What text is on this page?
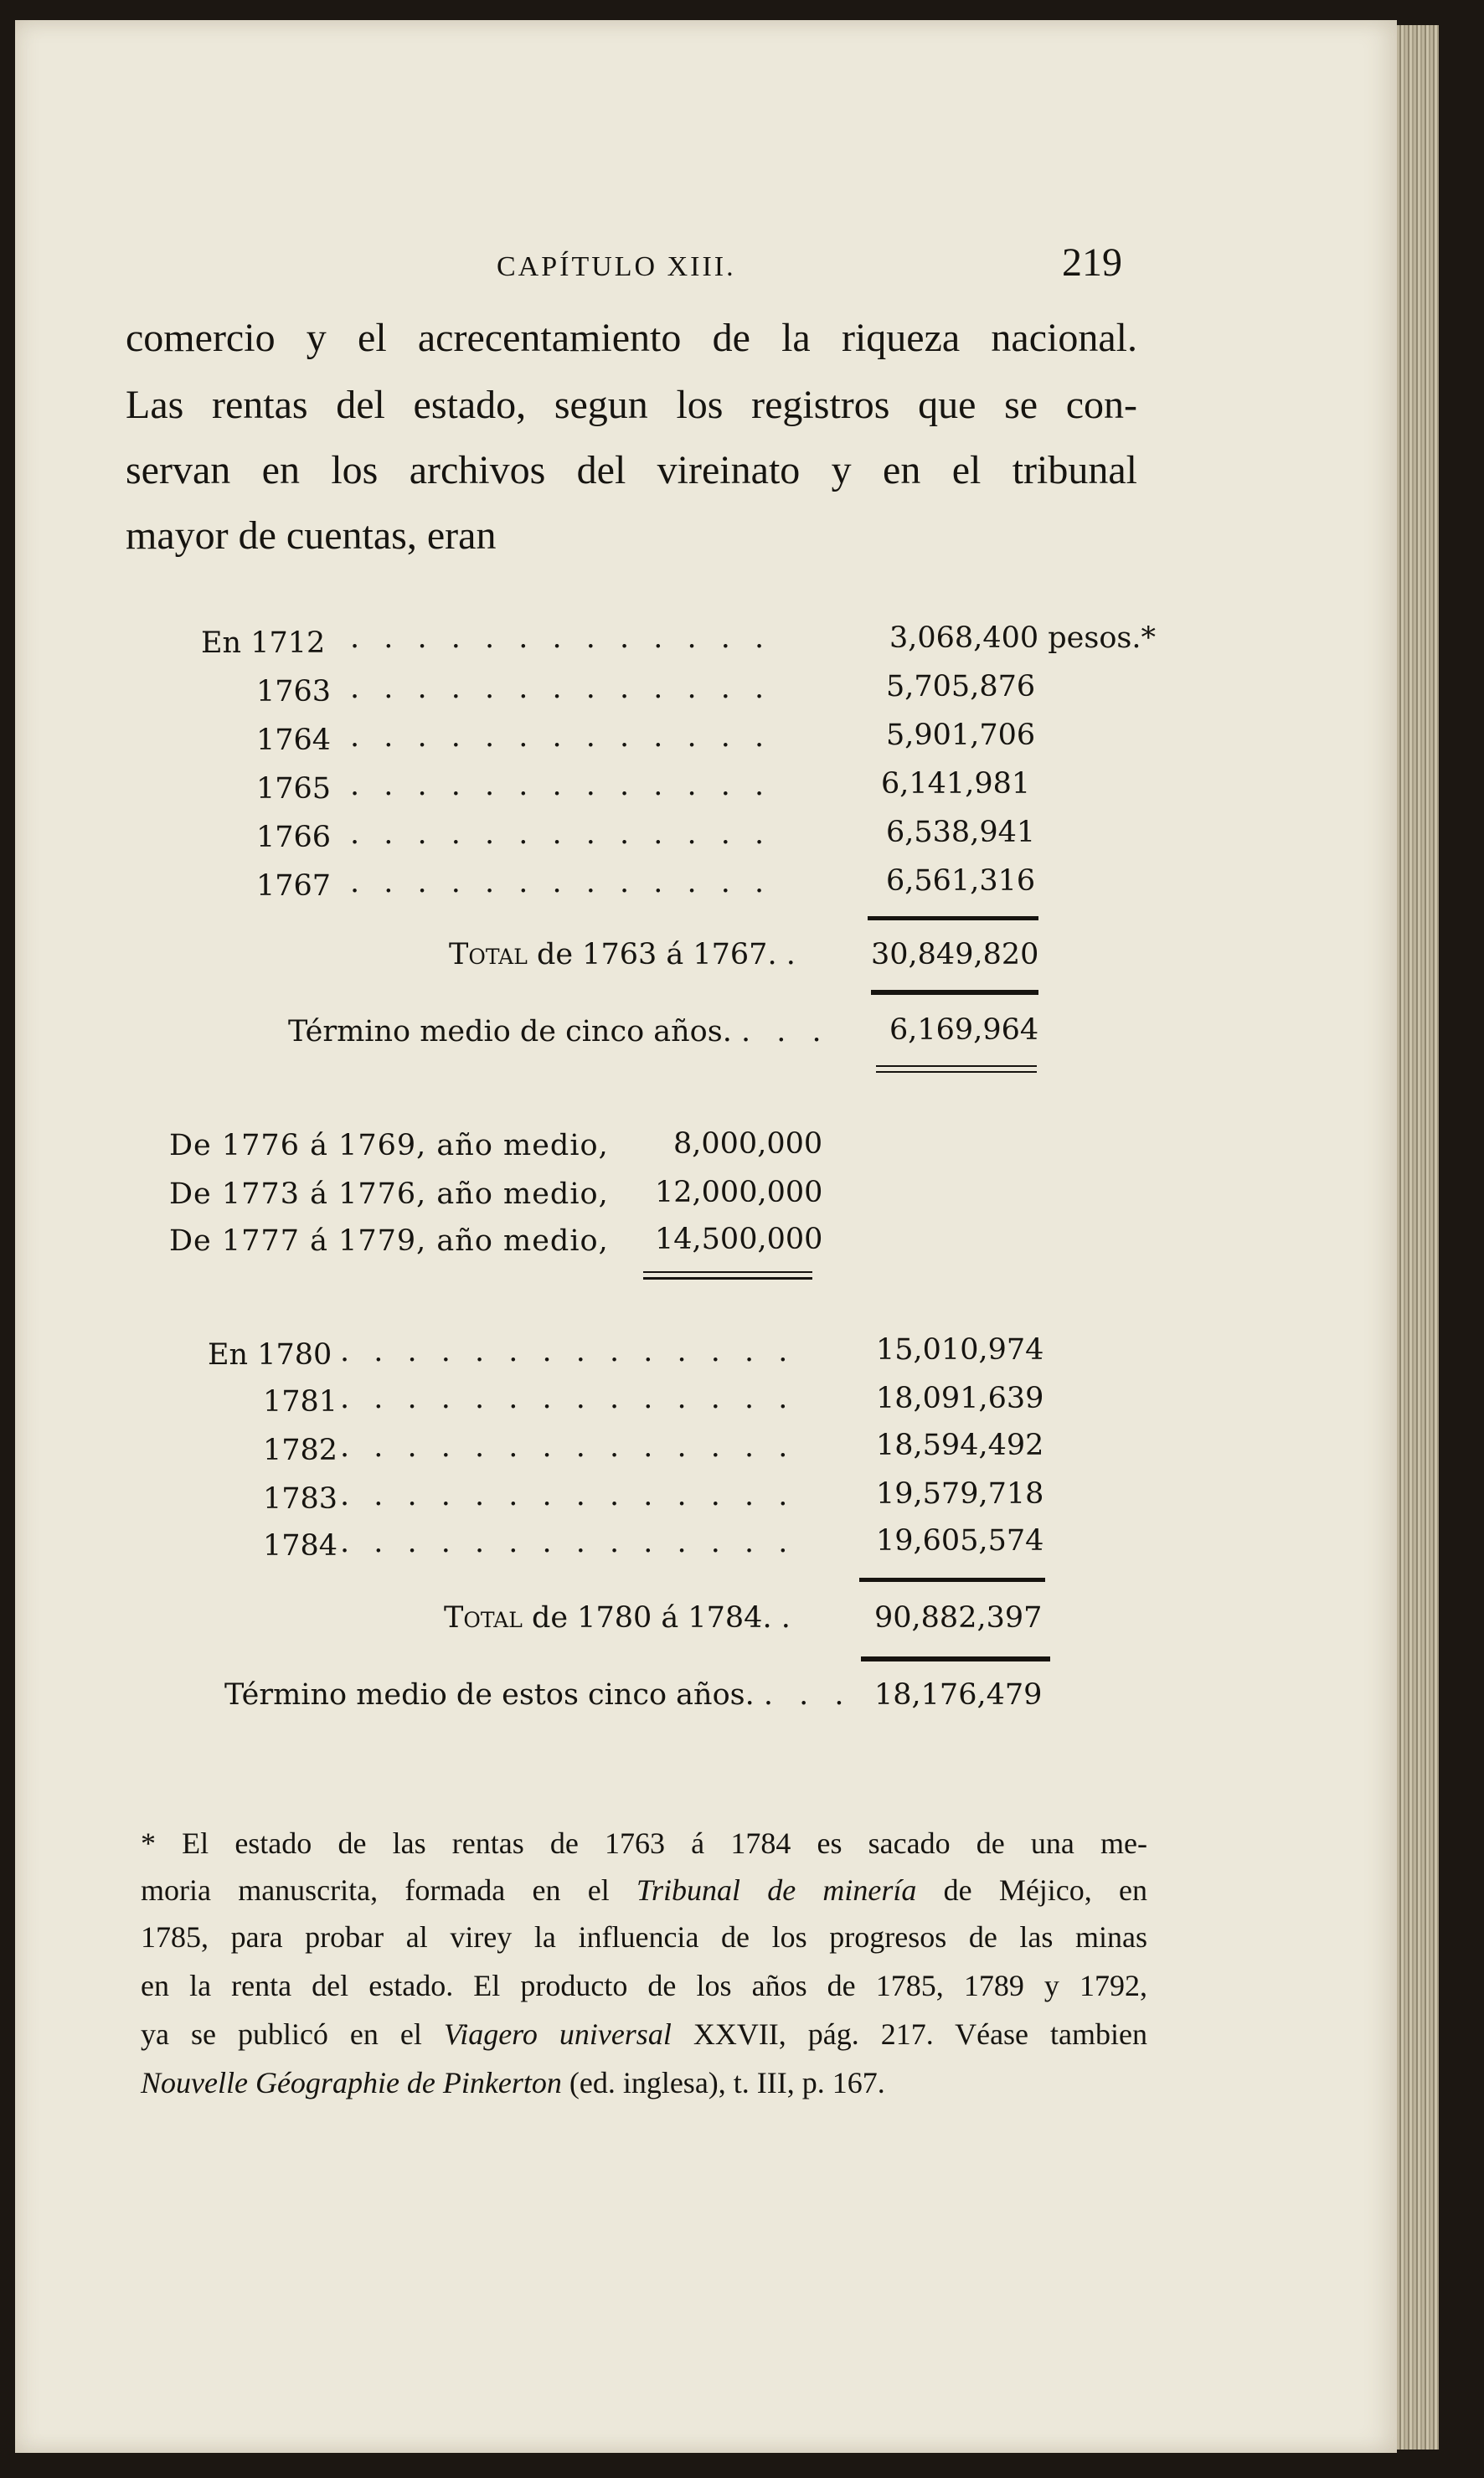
CAPÍTULO XIII.	219
comercio y el acrecentamiento de la riqueza nacional.
Las rentas del estado, segun los registros que se con-
servan en los archivos del vireinato y en el tribunal
mayor de cuentas, eran
En 1712 . . . . . . . . . . . . .	3,068,400 pesos.*
1763 . . . . . . . . . . . . .	5,705,876
1764 . . . . . . . . . . . . .	5,901,706
1765 . . . . . . . . . . . . .	6,141,981
1766 . . . . . . . . . . . . .	6,538,941
1767 . . . . . . . . . . . . .	6,561,316
Total de 1763 á 1767. . 30,849,820
Término medio de cinco años. . . . 6,169,964
De 1776 á 1769, año medio, 8,000,000
De 1773 á 1776, año medio, 12,000,000
De 1777 á 1779, año medio, 14,500,000
En 1780 . . . . . . . . . . . . . .	15,010,974
1781 . . . . . . . . . . . . . .	18,091,639
1782 . . . . . . . . . . . . . .	18,594,492
1783 . . . . . . . . . . . . . .	19,579,718
1784 . . . . . . . . . . . . . .	19,605,574
Total de 1780 á 1784. .	90,882,397
Término medio de estos cinco años. . . . 18,176,479
* El estado de las rentas de 1763 á 1784 es sacado de una me-
moria manuscrita, formada en el Tribunal de minería de Méjico, en
1785, para probar al virey la influencia de los progresos de las minas
en la renta del estado. El producto de los años de 1785, 1789 y 1792,
ya se publicó en el Viagero universal XXVII, pág. 217. Véase tambien
Nouvelle Géographie de Pinkerton (ed. inglesa), t. III, p. 167.
